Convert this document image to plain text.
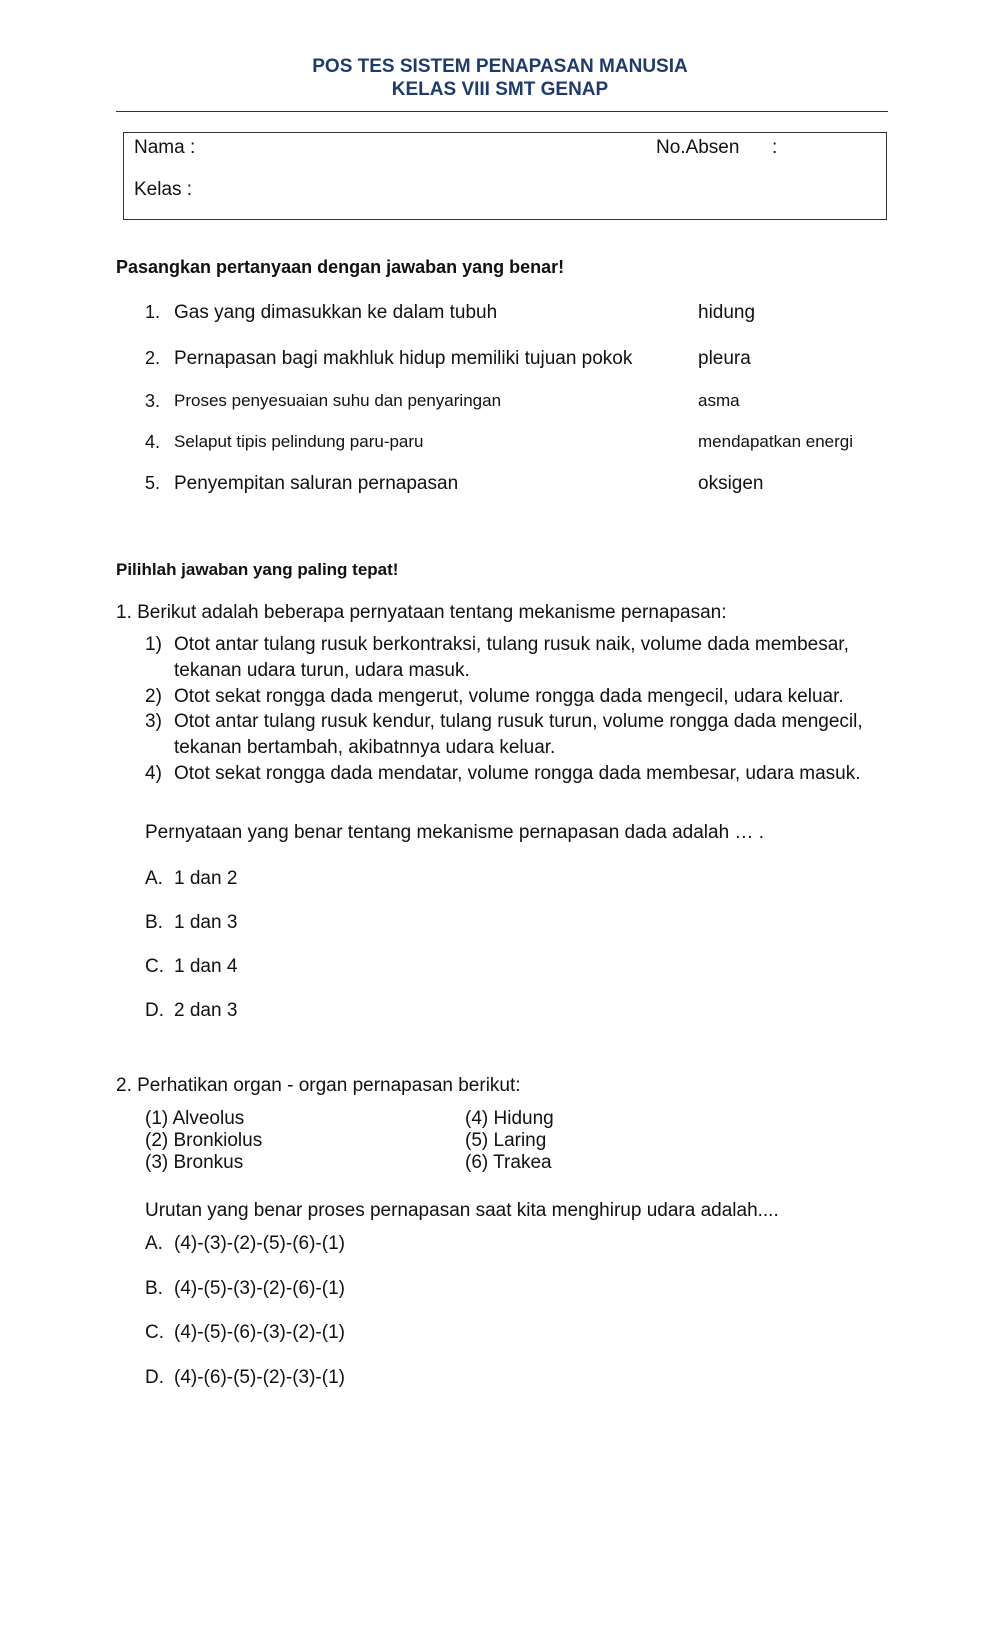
POS TES SISTEM PENAPASAN MANUSIA
KELAS VIII SMT GENAP
Nama :	No.Absen :
Kelas :
Pasangkan pertanyaan dengan jawaban yang benar!
1. Gas yang dimasukkan ke dalam tubuh
2. Pernapasan bagi makhluk hidup memiliki tujuan pokok
3. Proses penyesuaian suhu dan penyaringan
4. Selaput tipis pelindung paru-paru
5. Penyempitan saluran pernapasan
hidung
pleura
asma
mendapatkan energi
oksigen
Pilihlah jawaban yang paling tepat!
1. Berikut adalah beberapa pernyataan tentang mekanisme pernapasan:
1) Otot antar tulang rusuk berkontraksi, tulang rusuk naik, volume dada membesar,
tekanan udara turun, udara masuk.
2) Otot sekat rongga dada mengerut, volume rongga dada mengecil, udara keluar.
3) Otot antar tulang rusuk kendur, tulang rusuk turun, volume rongga dada mengecil,
tekanan bertambah, akibatnnya udara keluar.
4) Otot sekat rongga dada mendatar, volume rongga dada membesar, udara masuk.
Pernyataan yang benar tentang mekanisme pernapasan dada adalah … .
A. 1 dan 2
B. 1 dan 3
C. 1 dan 4
D. 2 dan 3
2. Perhatikan organ - organ pernapasan berikut:
(1) Alveolus
(2) Bronkiolus
(3) Bronkus
(4) Hidung
(5) Laring
(6) Trakea
Urutan yang benar proses pernapasan saat kita menghirup udara adalah....
A. (4)-(3)-(2)-(5)-(6)-(1)
B. (4)-(5)-(3)-(2)-(6)-(1)
C. (4)-(5)-(6)-(3)-(2)-(1)
D. (4)-(6)-(5)-(2)-(3)-(1)
